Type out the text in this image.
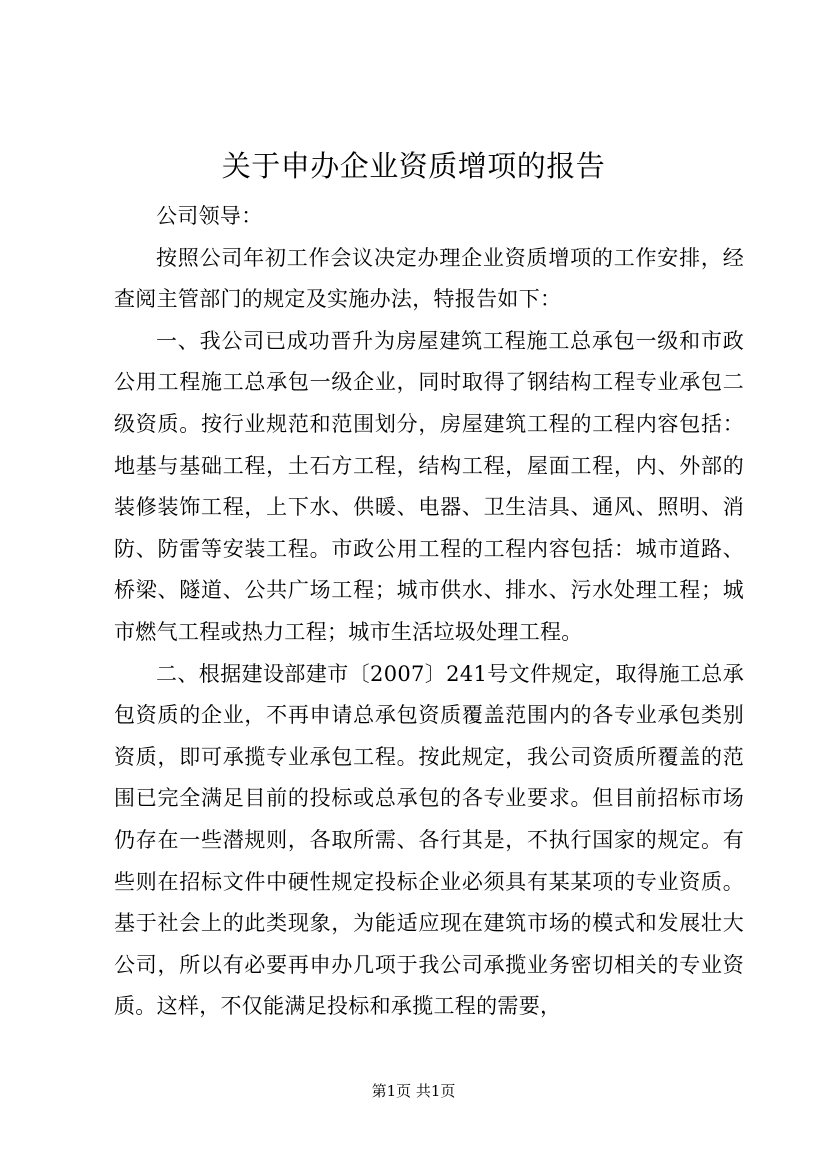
关于申办企业资质增项的报告

公司领导：

按照公司年初工作会议决定办理企业资质增项的工作安排，经查阅主管部门的规定及实施办法，特报告如下：

一、我公司已成功晋升为房屋建筑工程施工总承包一级和市政公用工程施工总承包一级企业，同时取得了钢结构工程专业承包二级资质。按行业规范和范围划分，房屋建筑工程的工程内容包括：地基与基础工程，土石方工程，结构工程，屋面工程，内、外部的装修装饰工程，上下水、供暖、电器、卫生洁具、通风、照明、消防、防雷等安装工程。市政公用工程的工程内容包括：城市道路、桥梁、隧道、公共广场工程；城市供水、排水、污水处理工程；城市燃气工程或热力工程；城市生活垃圾处理工程。

二、根据建设部建市〔2007〕241号文件规定，取得施工总承包资质的企业，不再申请总承包资质覆盖范围内的各专业承包类别资质，即可承揽专业承包工程。按此规定，我公司资质所覆盖的范围已完全满足目前的投标或总承包的各专业要求。但目前招标市场仍存在一些潜规则，各取所需、各行其是，不执行国家的规定。有些则在招标文件中硬性规定投标企业必须具有某某项的专业资质。基于社会上的此类现象，为能适应现在建筑市场的模式和发展壮大公司，所以有必要再申办几项于我公司承揽业务密切相关的专业资质。这样，不仅能满足投标和承揽工程的需要，

第1页 共1页
